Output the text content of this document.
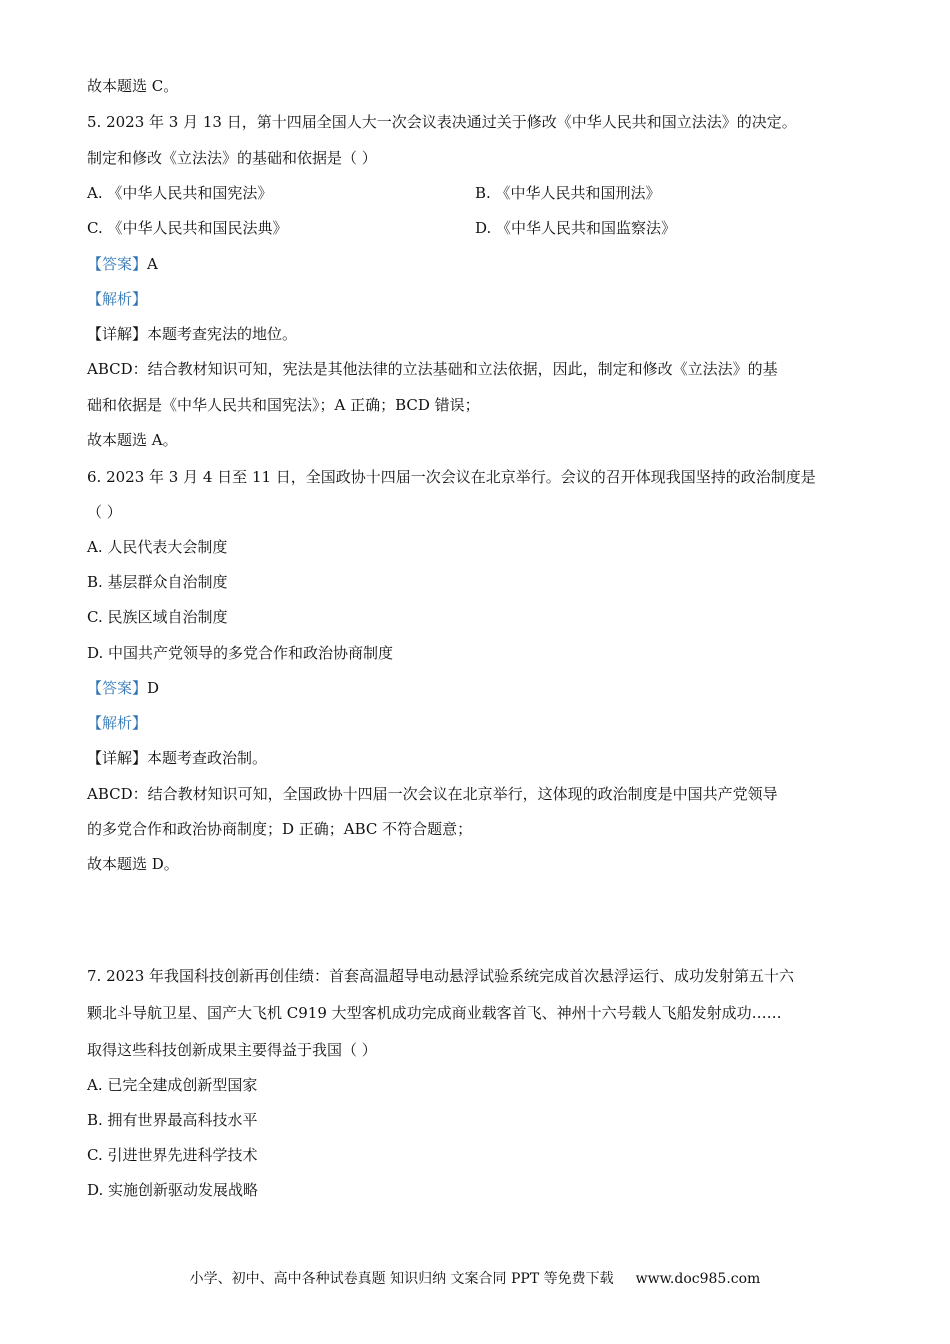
故本题选 C。
5. 2023 年 3 月 13 日，第十四届全国人大一次会议表决通过关于修改《中华人民共和国立法法》的决定。
制定和修改《立法法》的基础和依据是（ ）
A. 《中华人民共和国宪法》	B. 《中华人民共和国刑法》
C. 《中华人民共和国民法典》	D. 《中华人民共和国监察法》
【答案】A
【解析】
【详解】本题考查宪法的地位。
ABCD：结合教材知识可知，宪法是其他法律的立法基础和立法依据，因此，制定和修改《立法法》的基
础和依据是《中华人民共和国宪法》；A 正确；BCD 错误；
故本题选 A。
6. 2023 年 3 月 4 日至 11 日，全国政协十四届一次会议在北京举行。会议的召开体现我国坚持的政治制度是
（ ）
A. 人民代表大会制度
B. 基层群众自治制度
C. 民族区域自治制度
D. 中国共产党领导的多党合作和政治协商制度
【答案】D
【解析】
【详解】本题考查政治制。
ABCD：结合教材知识可知，全国政协十四届一次会议在北京举行，这体现的政治制度是中国共产党领导
的多党合作和政治协商制度；D 正确；ABC 不符合题意；
故本题选 D。
7. 2023 年我国科技创新再创佳绩：首套高温超导电动悬浮试验系统完成首次悬浮运行、成功发射第五十六
颗北斗导航卫星、国产大飞机 C919 大型客机成功完成商业载客首飞、神州十六号载人飞船发射成功……
取得这些科技创新成果主要得益于我国（ ）
A. 已完全建成创新型国家
B. 拥有世界最高科技水平
C. 引进世界先进科学技术
D. 实施创新驱动发展战略
小学、初中、高中各种试卷真题 知识归纳 文案合同 PPT 等免费下载 www.doc985.com
